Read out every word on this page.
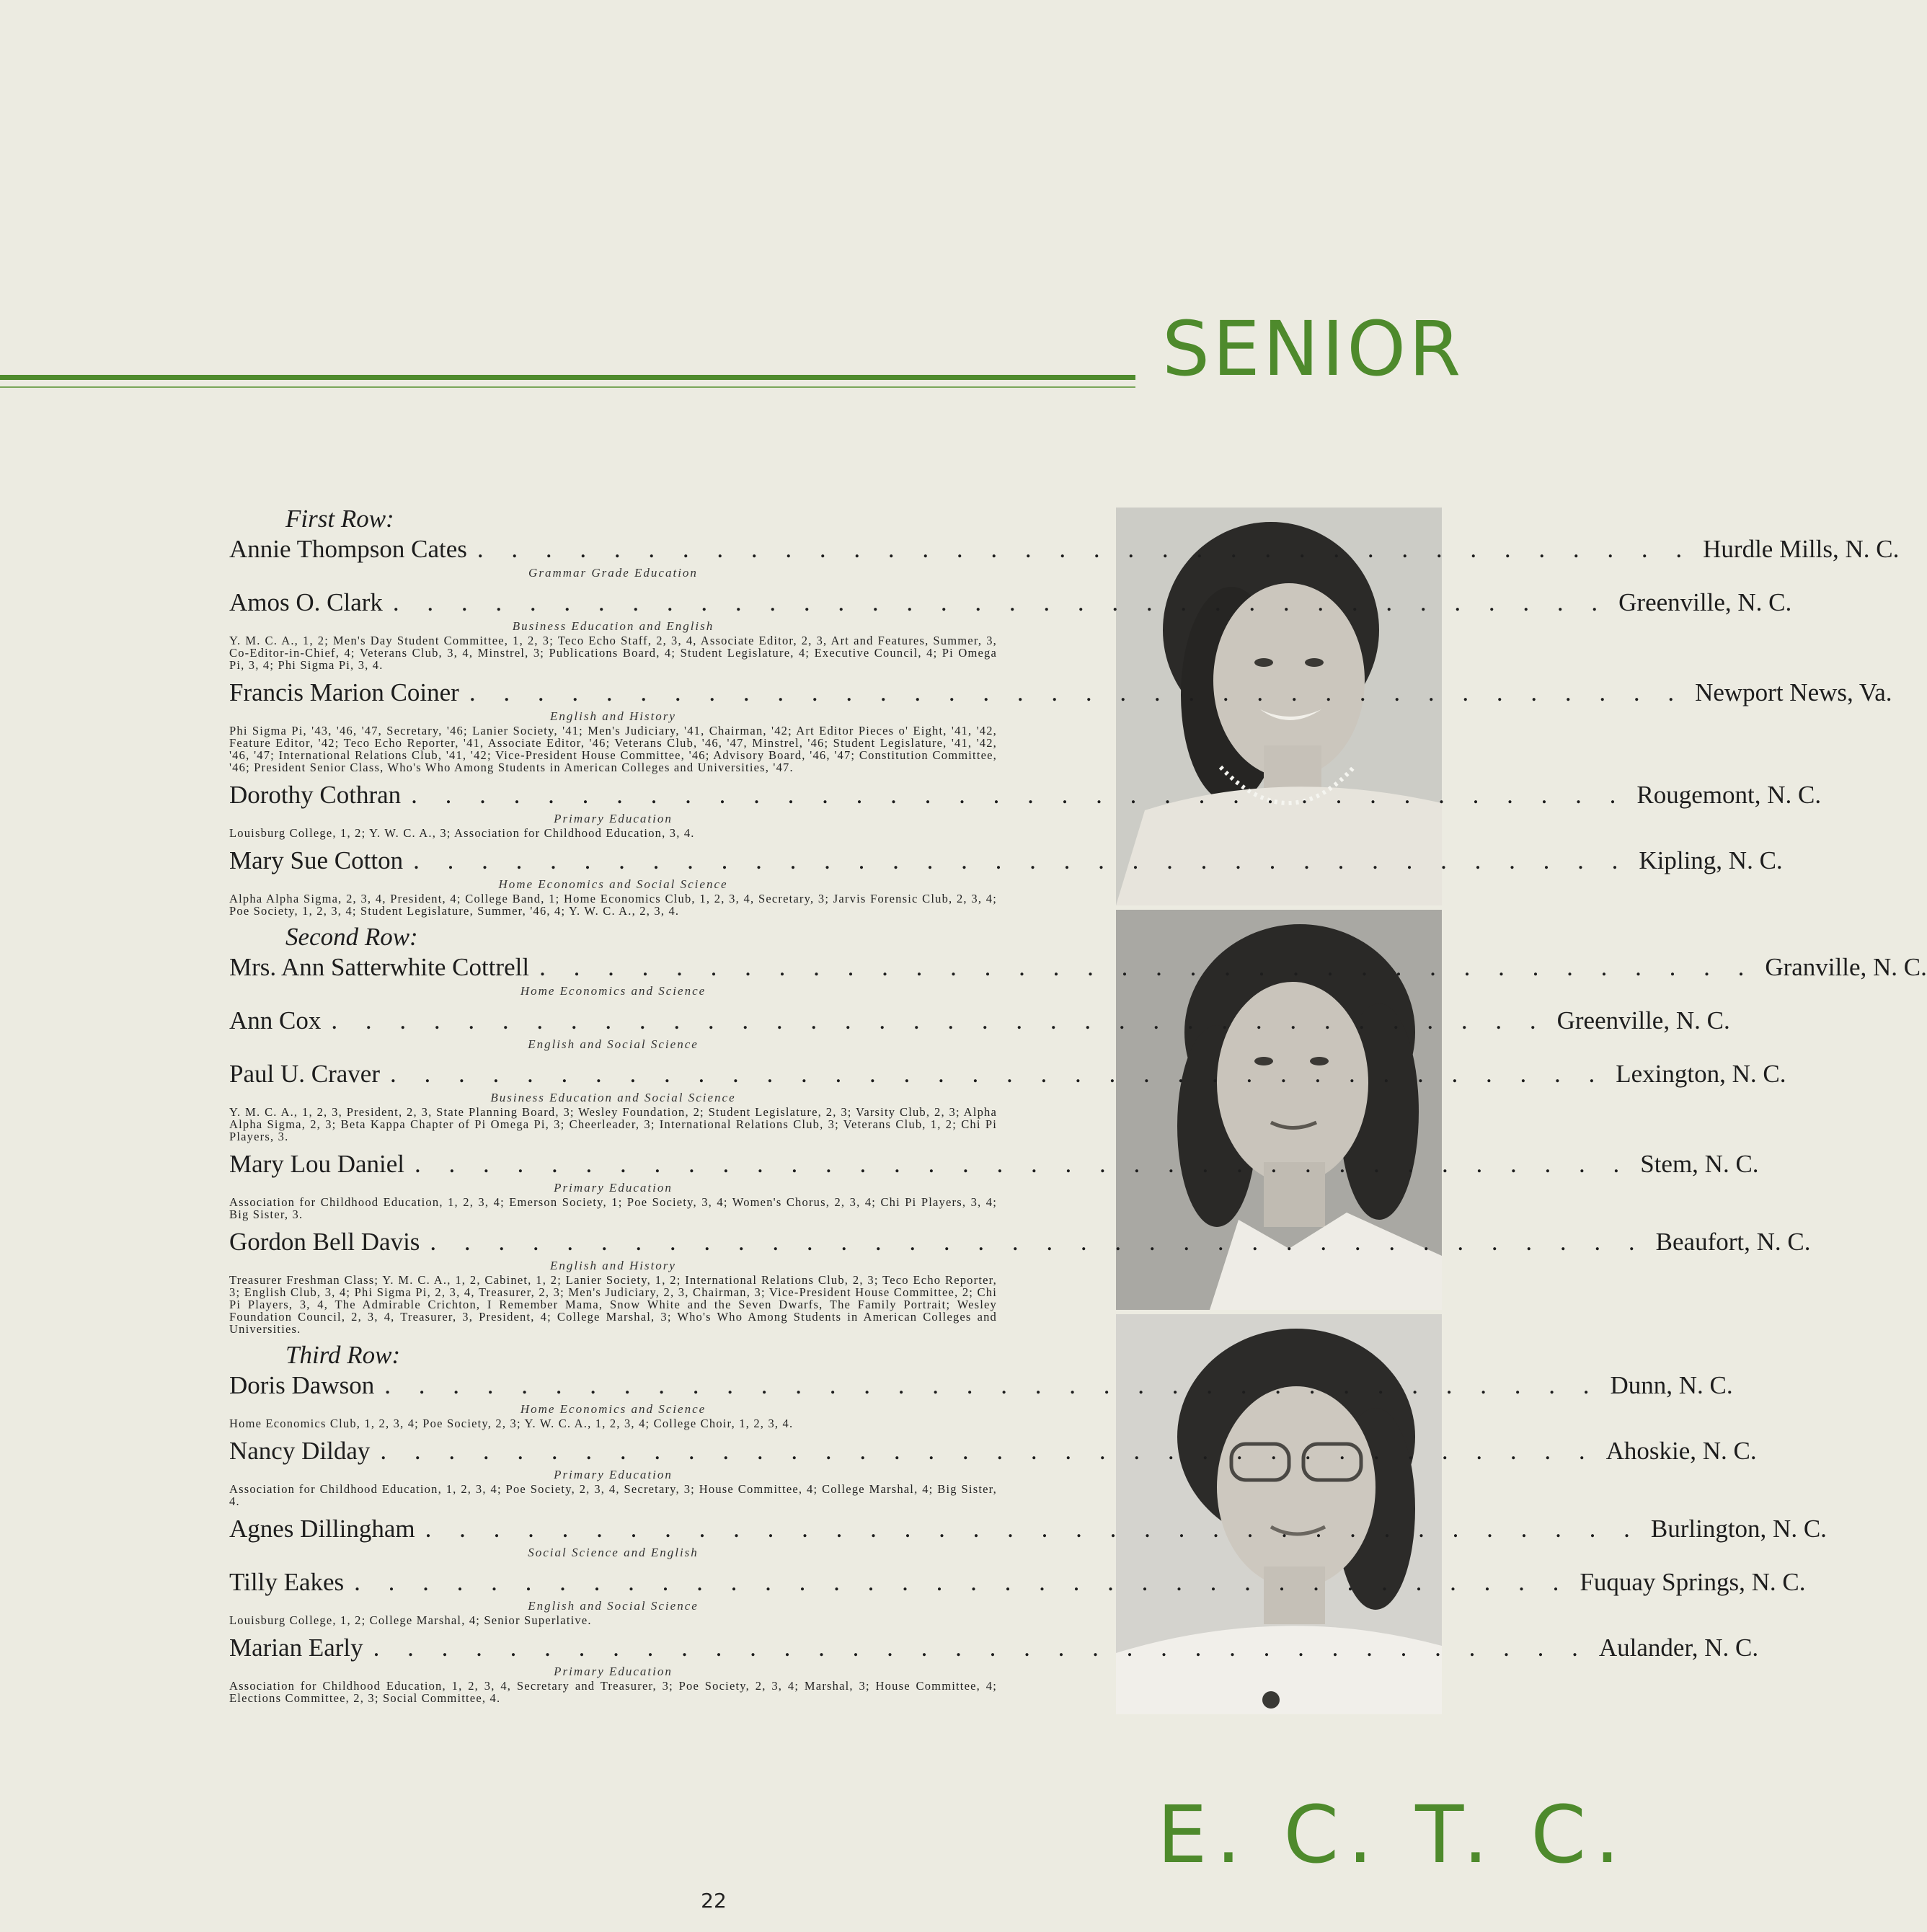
SENIOR
First Row:
Annie Thompson Cates . . .	Hurdle Mills, N. C.
Grammar Grade Education
Amos O. Clark . . .	Greenville, N. C.
Business Education and English
Y. M. C. A., 1, 2; Men's Day Student Committee, 1, 2, 3; Teco Echo Staff, 2, 3, 4, Associate Editor, 2, 3, Art and Features, Summer, 3, Co-Editor-in-Chief, 4; Veterans Club, 3, 4, Minstrel, 3; Publications Board, 4; Student Legislature, 4; Executive Council, 4; Pi Omega Pi, 3, 4; Phi Sigma Pi, 3, 4.
Francis Marion Coiner . . .	Newport News, Va.
English and History
Phi Sigma Pi, '43, '46, '47, Secretary, '46; Lanier Society, '41; Men's Judiciary, '41, Chairman, '42; Art Editor Pieces o' Eight, '41, '42, Feature Editor, '42; Teco Echo Reporter, '41, Associate Editor, '46; Veterans Club, '46, '47, Minstrel, '46; Student Legislature, '41, '42, '46, '47; International Relations Club, '41, '42; Vice-President House Committee, '46; Advisory Board, '46, '47; Constitution Committee, '46; President Senior Class, Who's Who Among Students in American Colleges and Universities, '47.
Dorothy Cothran . . .	Rougemont, N. C.
Primary Education
Louisburg College, 1, 2; Y. W. C. A., 3; Association for Childhood Education, 3, 4.
Mary Sue Cotton . . .	Kipling, N. C.
Home Economics and Social Science
Alpha Alpha Sigma, 2, 3, 4, President, 4; College Band, 1; Home Economics Club, 1, 2, 3, 4, Secretary, 3; Jarvis Forensic Club, 2, 3, 4; Poe Society, 1, 2, 3, 4; Student Legislature, Summer, '46, 4; Y. W. C. A., 2, 3, 4.
Second Row:
Mrs. Ann Satterwhite Cottrell . . .	Granville, N. C.
Home Economics and Science
Ann Cox . . .	Greenville, N. C.
English and Social Science
Paul U. Craver . . .	Lexington, N. C.
Business Education and Social Science
Y. M. C. A., 1, 2, 3, President, 2, 3, State Planning Board, 3; Wesley Foundation, 2; Student Legislature, 2, 3; Varsity Club, 2, 3; Alpha Alpha Sigma, 2, 3; Beta Kappa Chapter of Pi Omega Pi, 3; Cheerleader, 3; International Relations Club, 3; Veterans Club, 1, 2; Chi Pi Players, 3.
Mary Lou Daniel . . .	Stem, N. C.
Primary Education
Association for Childhood Education, 1, 2, 3, 4; Emerson Society, 1; Poe Society, 3, 4; Women's Chorus, 2, 3, 4; Chi Pi Players, 3, 4; Big Sister, 3.
Gordon Bell Davis . . .	Beaufort, N. C.
English and History
Treasurer Freshman Class; Y. M. C. A., 1, 2, Cabinet, 1, 2; Lanier Society, 1, 2; International Relations Club, 2, 3; Teco Echo Reporter, 3; English Club, 3, 4; Phi Sigma Pi, 2, 3, 4, Treasurer, 2, 3; Men's Judiciary, 2, 3, Chairman, 3; Vice-President House Committee, 2; Chi Pi Players, 3, 4, The Admirable Crichton, I Remember Mama, Snow White and the Seven Dwarfs, The Family Portrait; Wesley Foundation Council, 2, 3, 4, Treasurer, 3, President, 4; College Marshal, 3; Who's Who Among Students in American Colleges and Universities.
Third Row:
Doris Dawson . . .	Dunn, N. C.
Home Economics and Science
Home Economics Club, 1, 2, 3, 4; Poe Society, 2, 3; Y. W. C. A., 1, 2, 3, 4; College Choir, 1, 2, 3, 4.
Nancy Dilday . . .	Ahoskie, N. C.
Primary Education
Association for Childhood Education, 1, 2, 3, 4; Poe Society, 2, 3, 4, Secretary, 3; House Committee, 4; College Marshal, 4; Big Sister, 4.
Agnes Dillingham . . .	Burlington, N. C.
Social Science and English
Tilly Eakes . . .	Fuquay Springs, N. C.
English and Social Science
Louisburg College, 1, 2; College Marshal, 4; Senior Superlative.
Marian Early . . .	Aulander, N. C.
Primary Education
Association for Childhood Education, 1, 2, 3, 4, Secretary and Treasurer, 3; Poe Society, 2, 3, 4; Marshal, 3; House Committee, 4; Elections Committee, 2, 3; Social Committee, 4.
E. C. T. C.
22
